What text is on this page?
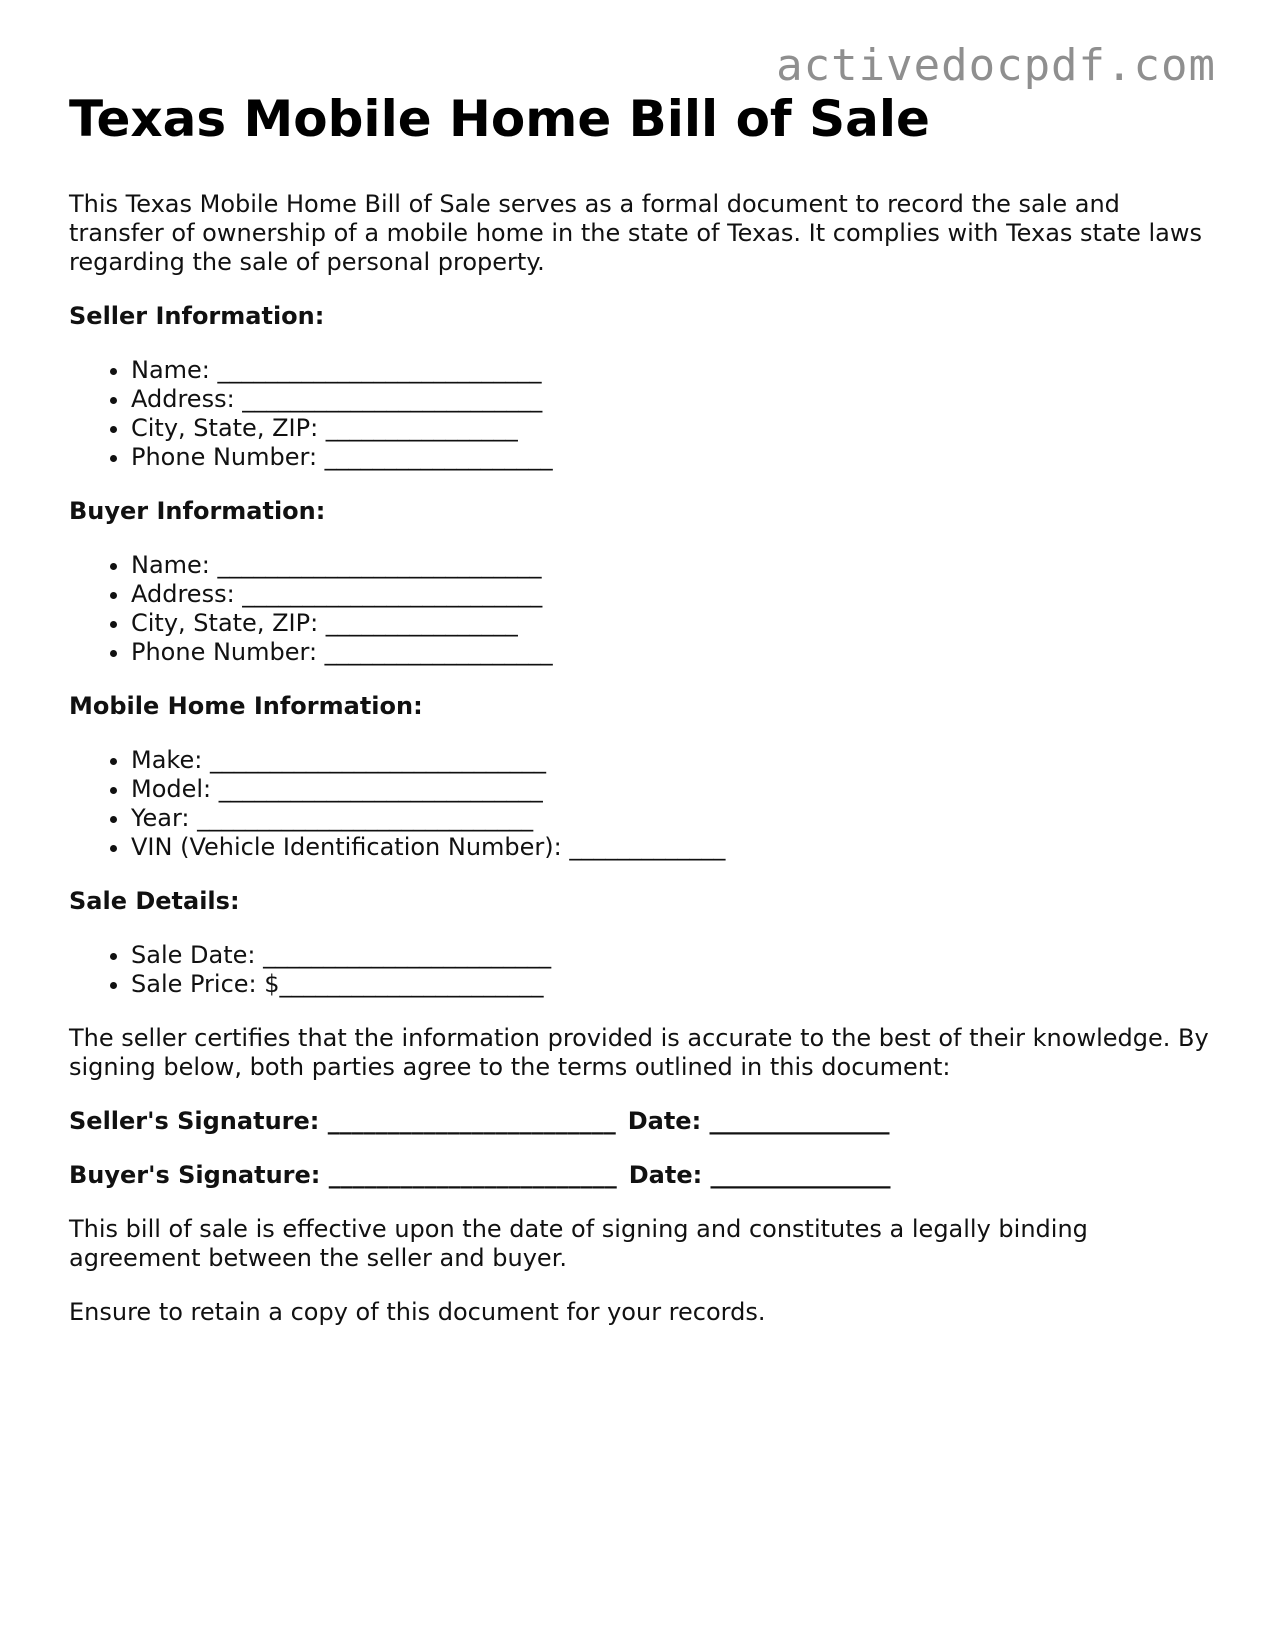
activedocpdf.com
Texas Mobile Home Bill of Sale

This Texas Mobile Home Bill of Sale serves as a formal document to record the sale and transfer of ownership of a mobile home in the state of Texas. It complies with Texas state laws regarding the sale of personal property.

Seller Information:
• Name: ___________________________
• Address: _________________________
• City, State, ZIP: ________________
• Phone Number: ___________________
Buyer Information:
• Name: ___________________________
• Address: _________________________
• City, State, ZIP: ________________
• Phone Number: ___________________
Mobile Home Information:
• Make: ____________________________
• Model: ___________________________
• Year: ____________________________
• VIN (Vehicle Identification Number): _____________
Sale Details:
• Sale Date: ________________________
• Sale Price: $______________________

The seller certifies that the information provided is accurate to the best of their knowledge. By signing below, both parties agree to the terms outlined in this document:

Seller's Signature: ________________________ Date: _______________

Buyer's Signature: ________________________ Date: _______________

This bill of sale is effective upon the date of signing and constitutes a legally binding agreement between the seller and buyer.

Ensure to retain a copy of this document for your records.
